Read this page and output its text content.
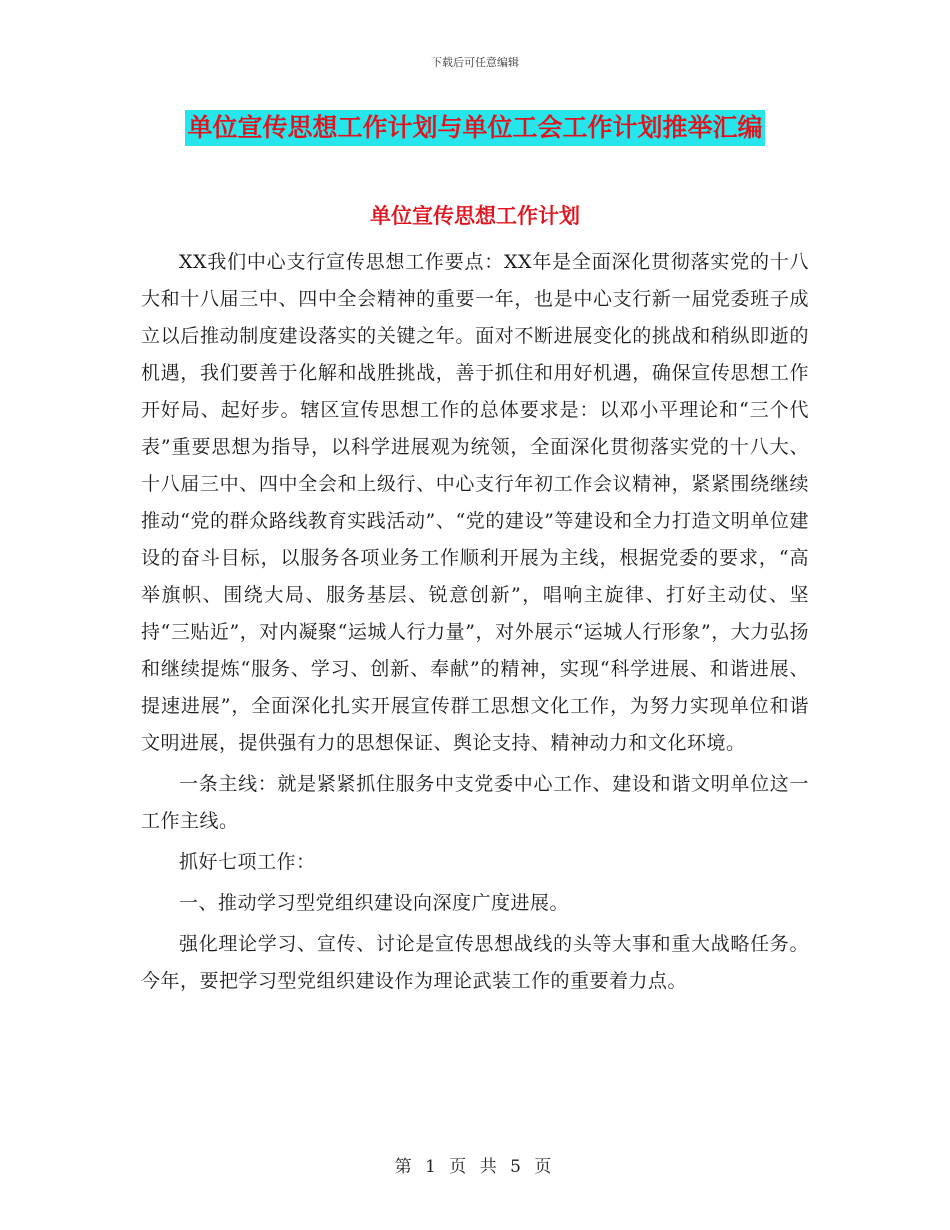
下载后可任意编辑
单位宣传思想工作计划与单位工会工作计划推举汇编
单位宣传思想工作计划

XX我们中心支行宣传思想工作要点：XX年是全面深化贯彻落实党的十八大和十八届三中、四中全会精神的重要一年，也是中心支行新一届党委班子成立以后推动制度建设落实的关键之年。面对不断进展变化的挑战和稍纵即逝的机遇，我们要善于化解和战胜挑战，善于抓住和用好机遇，确保宣传思想工作开好局、起好步。辖区宣传思想工作的总体要求是：以邓小平理论和“三个代表”重要思想为指导，以科学进展观为统领，全面深化贯彻落实党的十八大、十八届三中、四中全会和上级行、中心支行年初工作会议精神，紧紧围绕继续推动“党的群众路线教育实践活动”、“党的建设”等建设和全力打造文明单位建设的奋斗目标，以服务各项业务工作顺利开展为主线，根据党委的要求，“高举旗帜、围绕大局、服务基层、锐意创新”，唱响主旋律、打好主动仗、坚持“三贴近”，对内凝聚“运城人行力量”，对外展示“运城人行形象”，大力弘扬和继续提炼“服务、学习、创新、奉献”的精神，实现“科学进展、和谐进展、提速进展”，全面深化扎实开展宣传群工思想文化工作，为努力实现单位和谐文明进展，提供强有力的思想保证、舆论支持、精神动力和文化环境。

一条主线：就是紧紧抓住服务中支党委中心工作、建设和谐文明单位这一工作主线。

抓好七项工作：

一、推动学习型党组织建设向深度广度进展。

强化理论学习、宣传、讨论是宣传思想战线的头等大事和重大战略任务。今年，要把学习型党组织建设作为理论武装工作的重要着力点。

第 1 页 共 5 页
